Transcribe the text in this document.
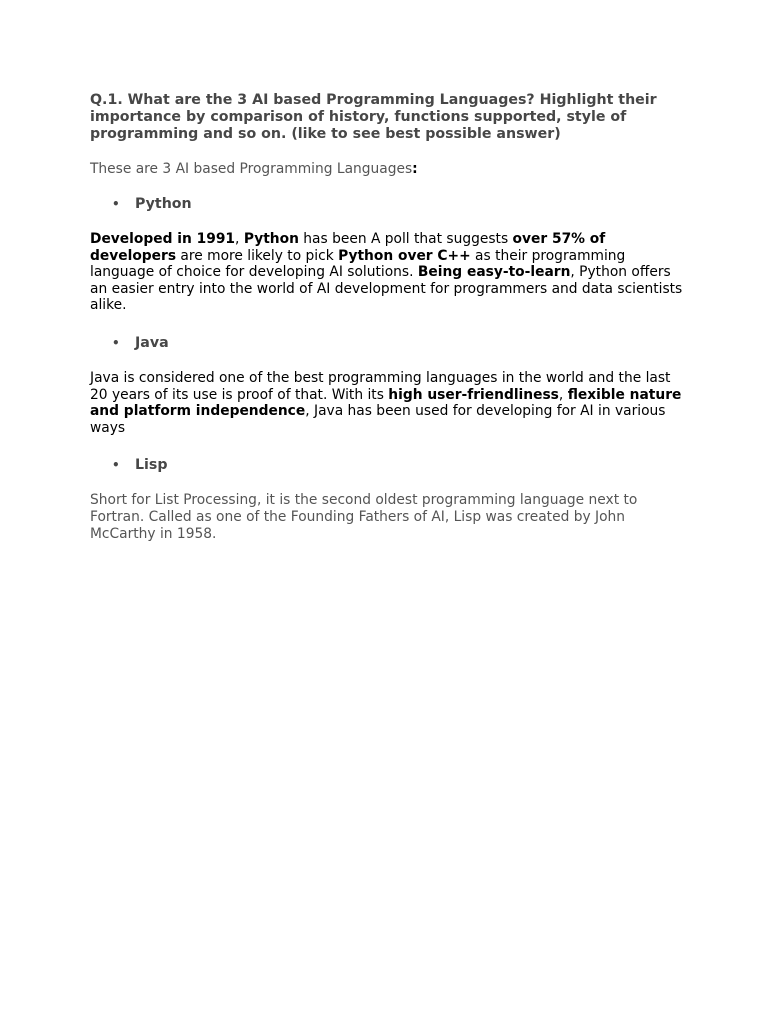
Q.1. What are the 3 AI based Programming Languages? Highlight their importance by comparison of history, functions supported, style of programming and so on. (like to see best possible answer)

These are 3 AI based Programming Languages:

• Python

Developed in 1991, Python has been A poll that suggests over 57% of developers are more likely to pick Python over C++ as their programming language of choice for developing AI solutions. Being easy-to-learn, Python offers an easier entry into the world of AI development for programmers and data scientists alike.

• Java

Java is considered one of the best programming languages in the world and the last 20 years of its use is proof of that. With its high user-friendliness, flexible nature and platform independence, Java has been used for developing for AI in various ways

• Lisp

Short for List Processing, it is the second oldest programming language next to Fortran. Called as one of the Founding Fathers of AI, Lisp was created by John McCarthy in 1958.
